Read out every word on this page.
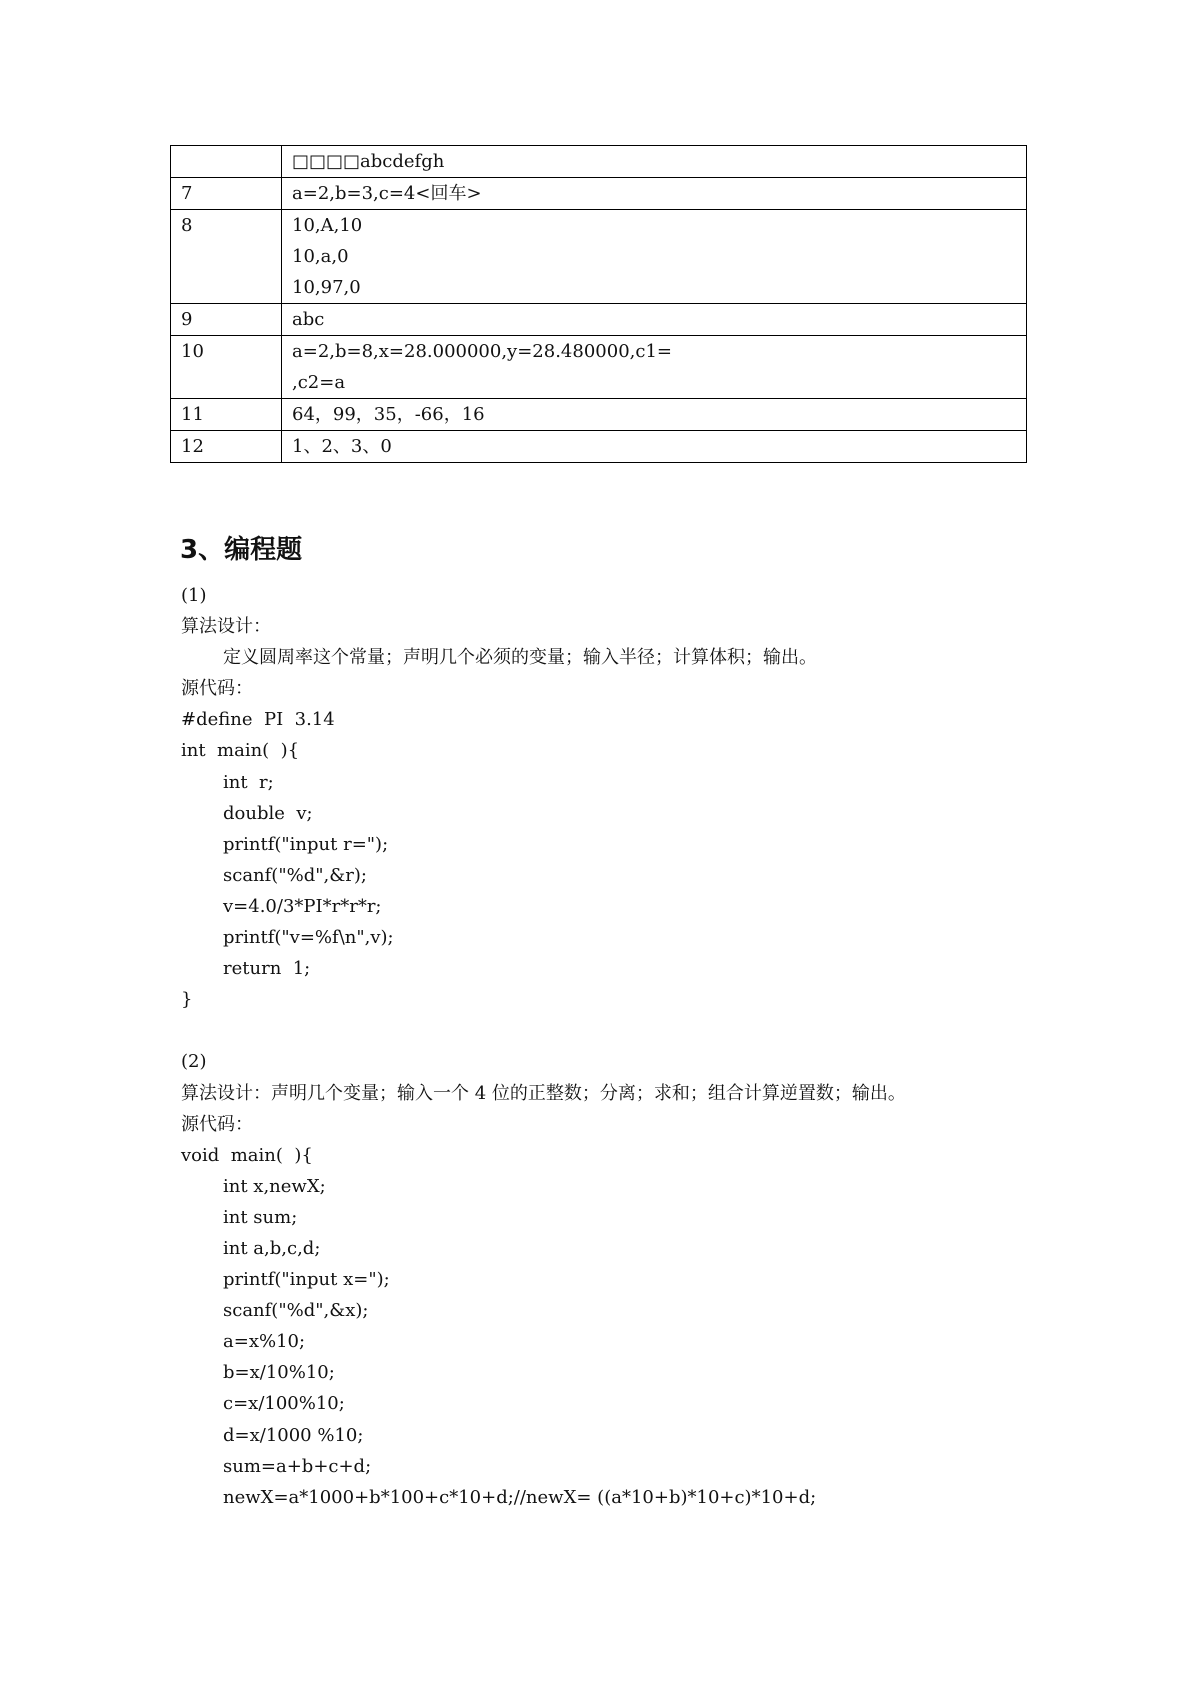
	□□□□abcdefgh

7	a=2,b=3,c=4<回车>

8	10,A,10
10,a,0
10,97,0

9	abc

10	a=2,b=8,x=28.000000,y=28.480000,c1=
,c2=a

11	64，99，35，-66，16

12	1、2、3、0
3、编程题
(1)
算法设计：
定义圆周率这个常量；声明几个必须的变量；输入半径；计算体积；输出。
源代码：
#define  PI  3.14
int  main(  ){
int  r;
double  v;
printf("input r=");
scanf("%d",&r);
v=4.0/3*PI*r*r*r;
printf("v=%f\n",v);
return  1;
}
(2)
算法设计：声明几个变量；输入一个 4 位的正整数；分离；求和；组合计算逆置数；输出。
源代码：
void  main(  ){
int x,newX;
int sum;
int a,b,c,d;
printf("input x=");
scanf("%d",&x);
a=x%10;
b=x/10%10;
c=x/100%10;
d=x/1000 %10;
sum=a+b+c+d;
newX=a*1000+b*100+c*10+d;//newX= ((a*10+b)*10+c)*10+d;
